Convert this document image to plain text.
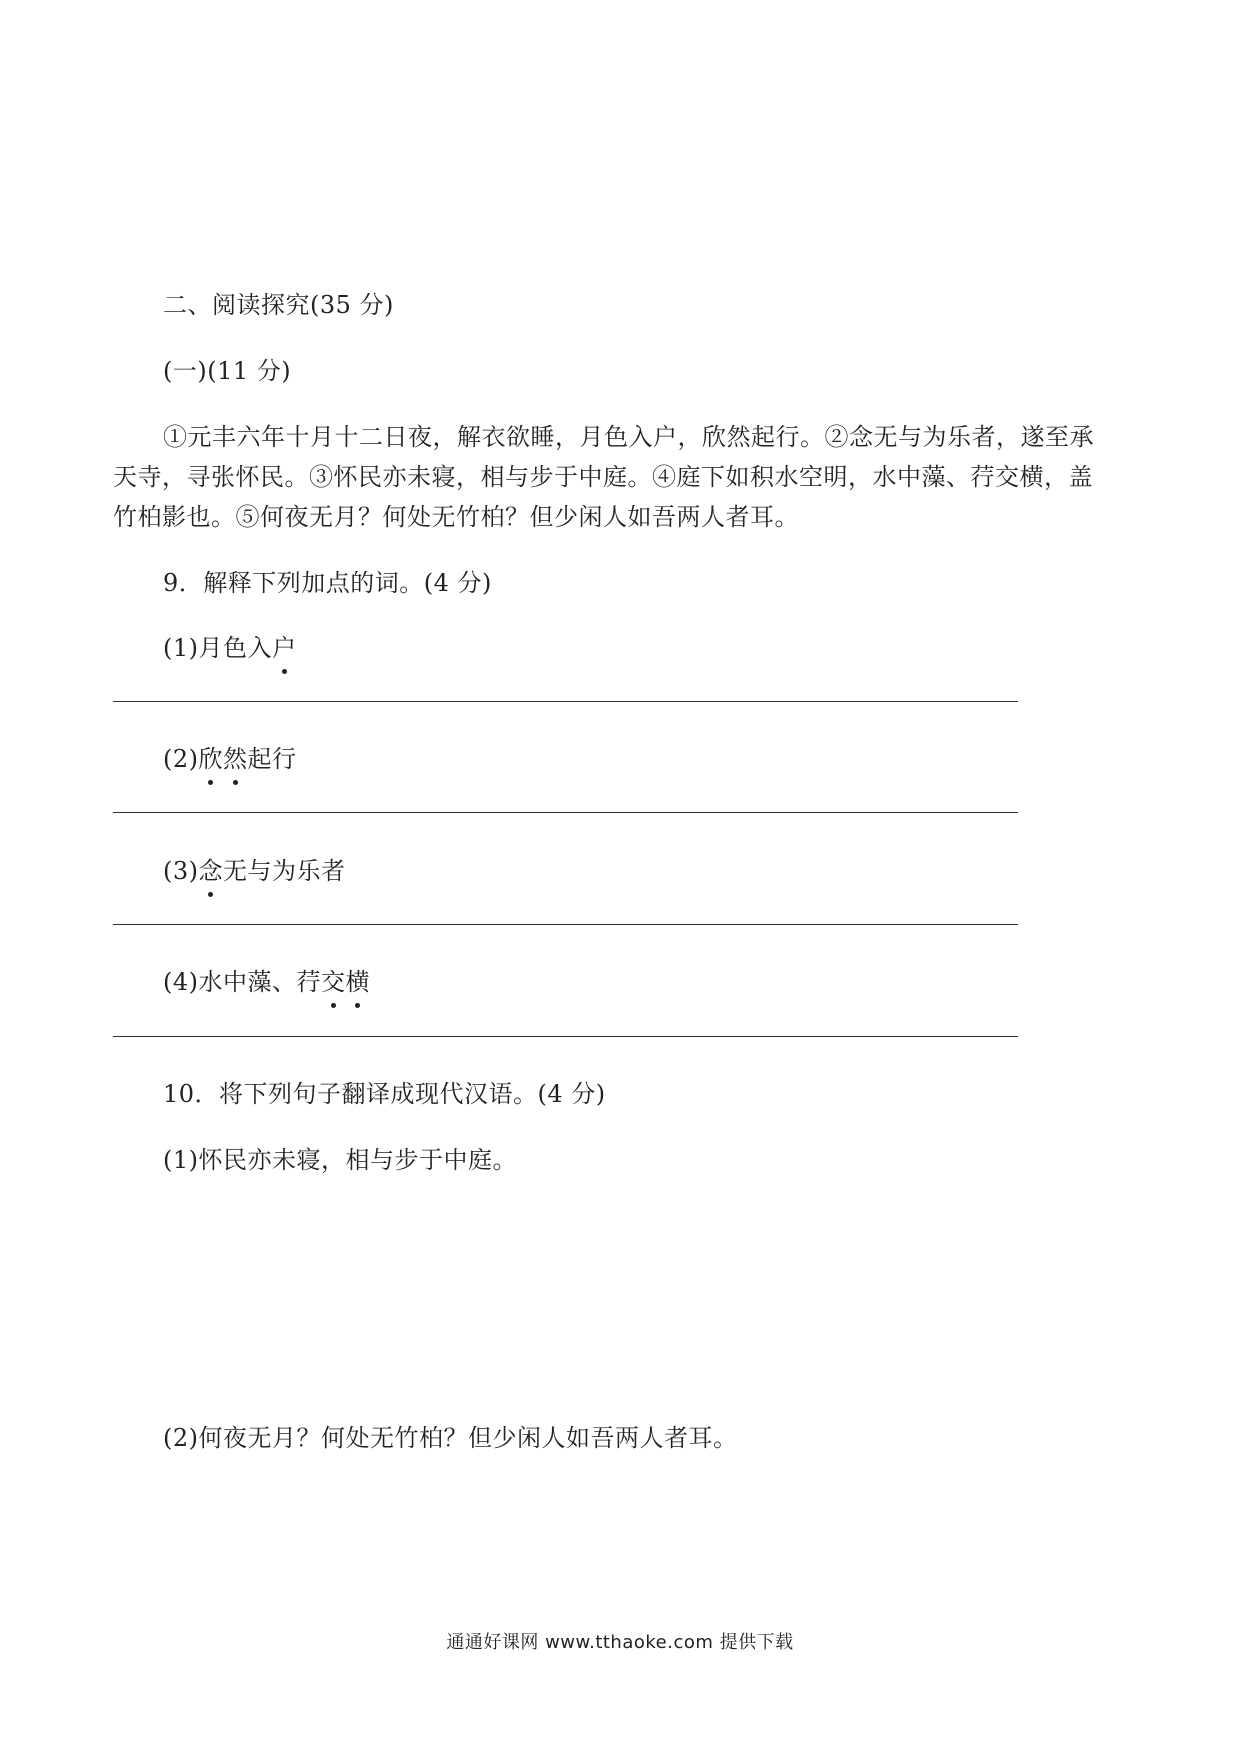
二、阅读探究(35 分)
(一)(11 分)
①元丰六年十月十二日夜，解衣欲睡，月色入户，欣然起行。②念无与为乐者，遂至承
天寺，寻张怀民。③怀民亦未寝，相与步于中庭。④庭下如积水空明，水中藻、荇交横，盖
竹柏影也。⑤何夜无月？何处无竹柏？但少闲人如吾两人者耳。
9．解释下列加点的词。(4 分)
(1)月色入户
(2)欣然起行
(3)念无与为乐者
(4)水中藻、荇交横
10．将下列句子翻译成现代汉语。(4 分)
(1)怀民亦未寝，相与步于中庭。
(2)何夜无月？何处无竹柏？但少闲人如吾两人者耳。
通通好课网 www.tthaoke.com 提供下载
